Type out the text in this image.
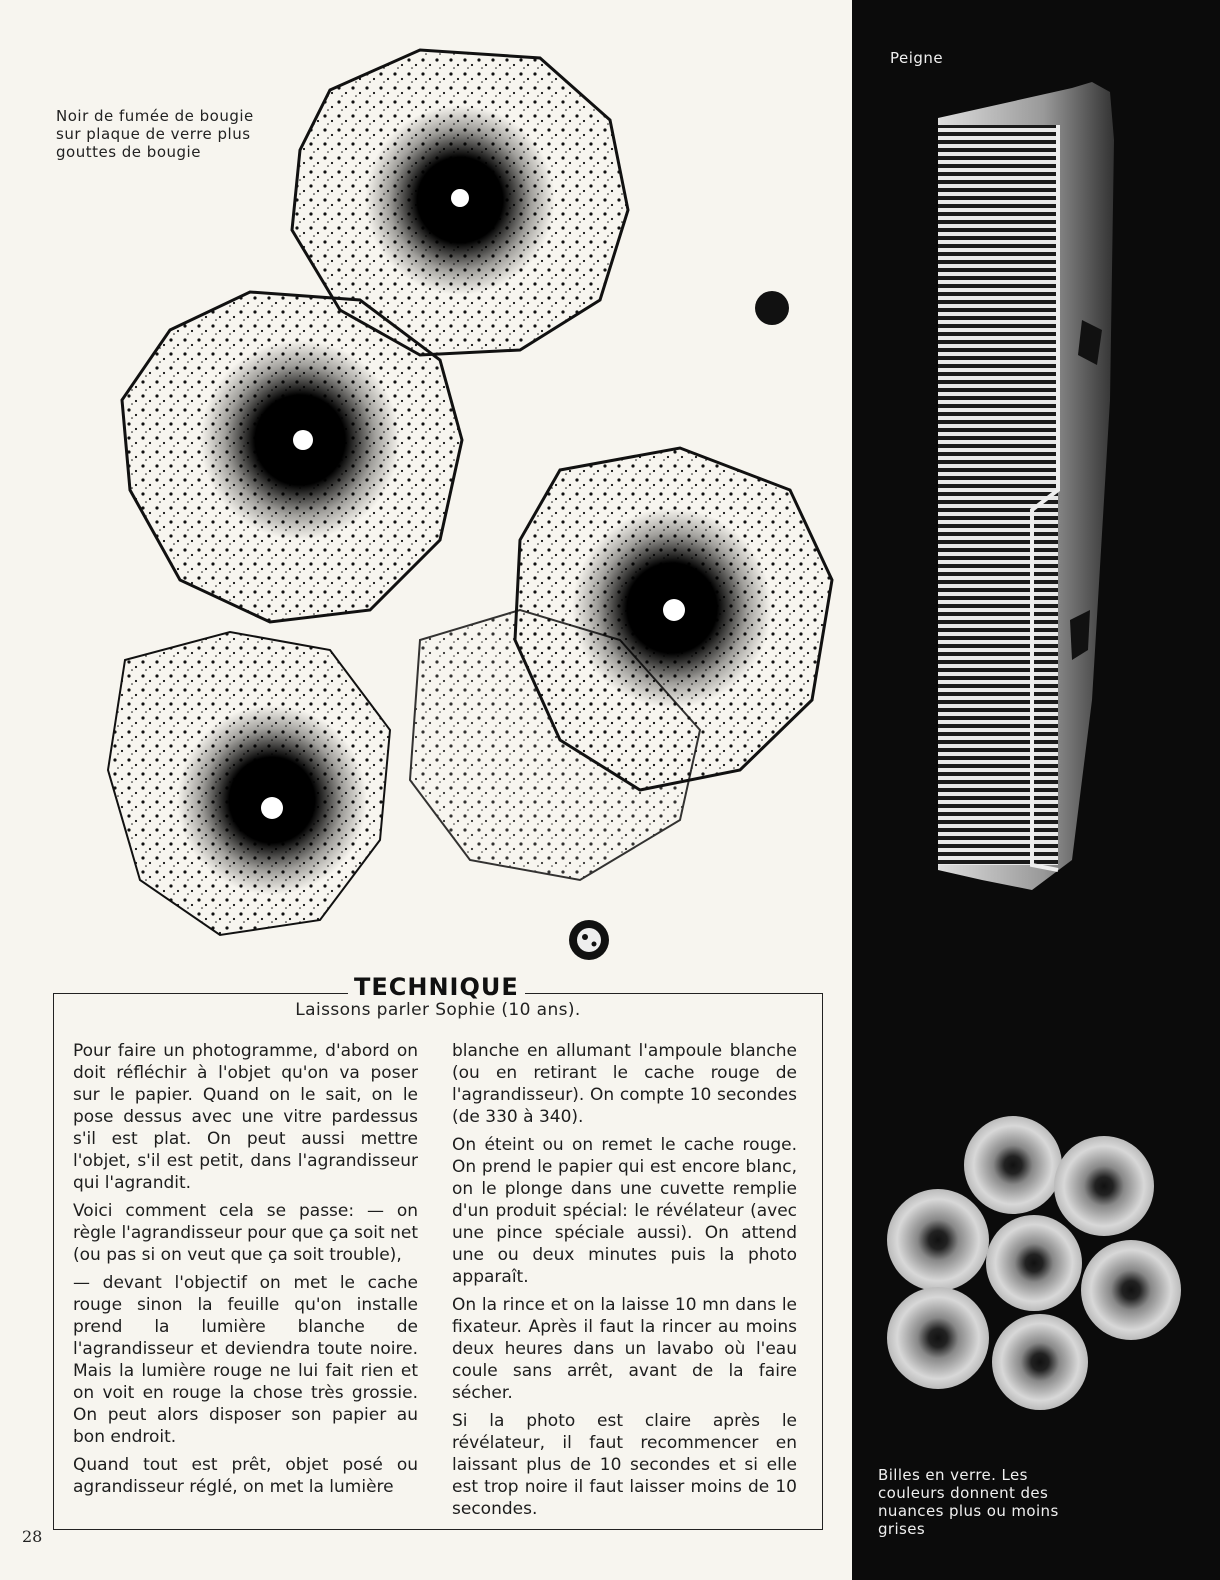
Noir de fumée de bougie sur plaque de verre plus gouttes de bougie
Peigne
Billes en verre. Les couleurs donnent des nuances plus ou moins grises
TECHNIQUE
Laissons parler Sophie (10 ans).

Pour faire un photogramme, d'abord on doit réfléchir à l'objet qu'on va poser sur le papier. Quand on le sait, on le pose dessus avec une vitre pardessus s'il est plat. On peut aussi mettre l'objet, s'il est petit, dans l'agrandisseur qui l'agrandit.

Voici comment cela se passe: — on règle l'agrandisseur pour que ça soit net (ou pas si on veut que ça soit trouble),

— devant l'objectif on met le cache rouge sinon la feuille qu'on installe prend la lumière blanche de l'agrandisseur et deviendra toute noire. Mais la lumière rouge ne lui fait rien et on voit en rouge la chose très grossie. On peut alors disposer son papier au bon endroit.

Quand tout est prêt, objet posé ou agrandisseur réglé, on met la lumière

blanche en allumant l'ampoule blanche (ou en retirant le cache rouge de l'agrandisseur). On compte 10 secondes (de 330 à 340).

On éteint ou on remet le cache rouge. On prend le papier qui est encore blanc, on le plonge dans une cuvette remplie d'un produit spécial: le révélateur (avec une pince spéciale aussi). On attend une ou deux minutes puis la photo apparaît.

On la rince et on la laisse 10 mn dans le fixateur. Après il faut la rincer au moins deux heures dans un lavabo où l'eau coule sans arrêt, avant de la faire sécher.

Si la photo est claire après le révélateur, il faut recommencer en laissant plus de 10 secondes et si elle est trop noire il faut laisser moins de 10 secondes.

28
